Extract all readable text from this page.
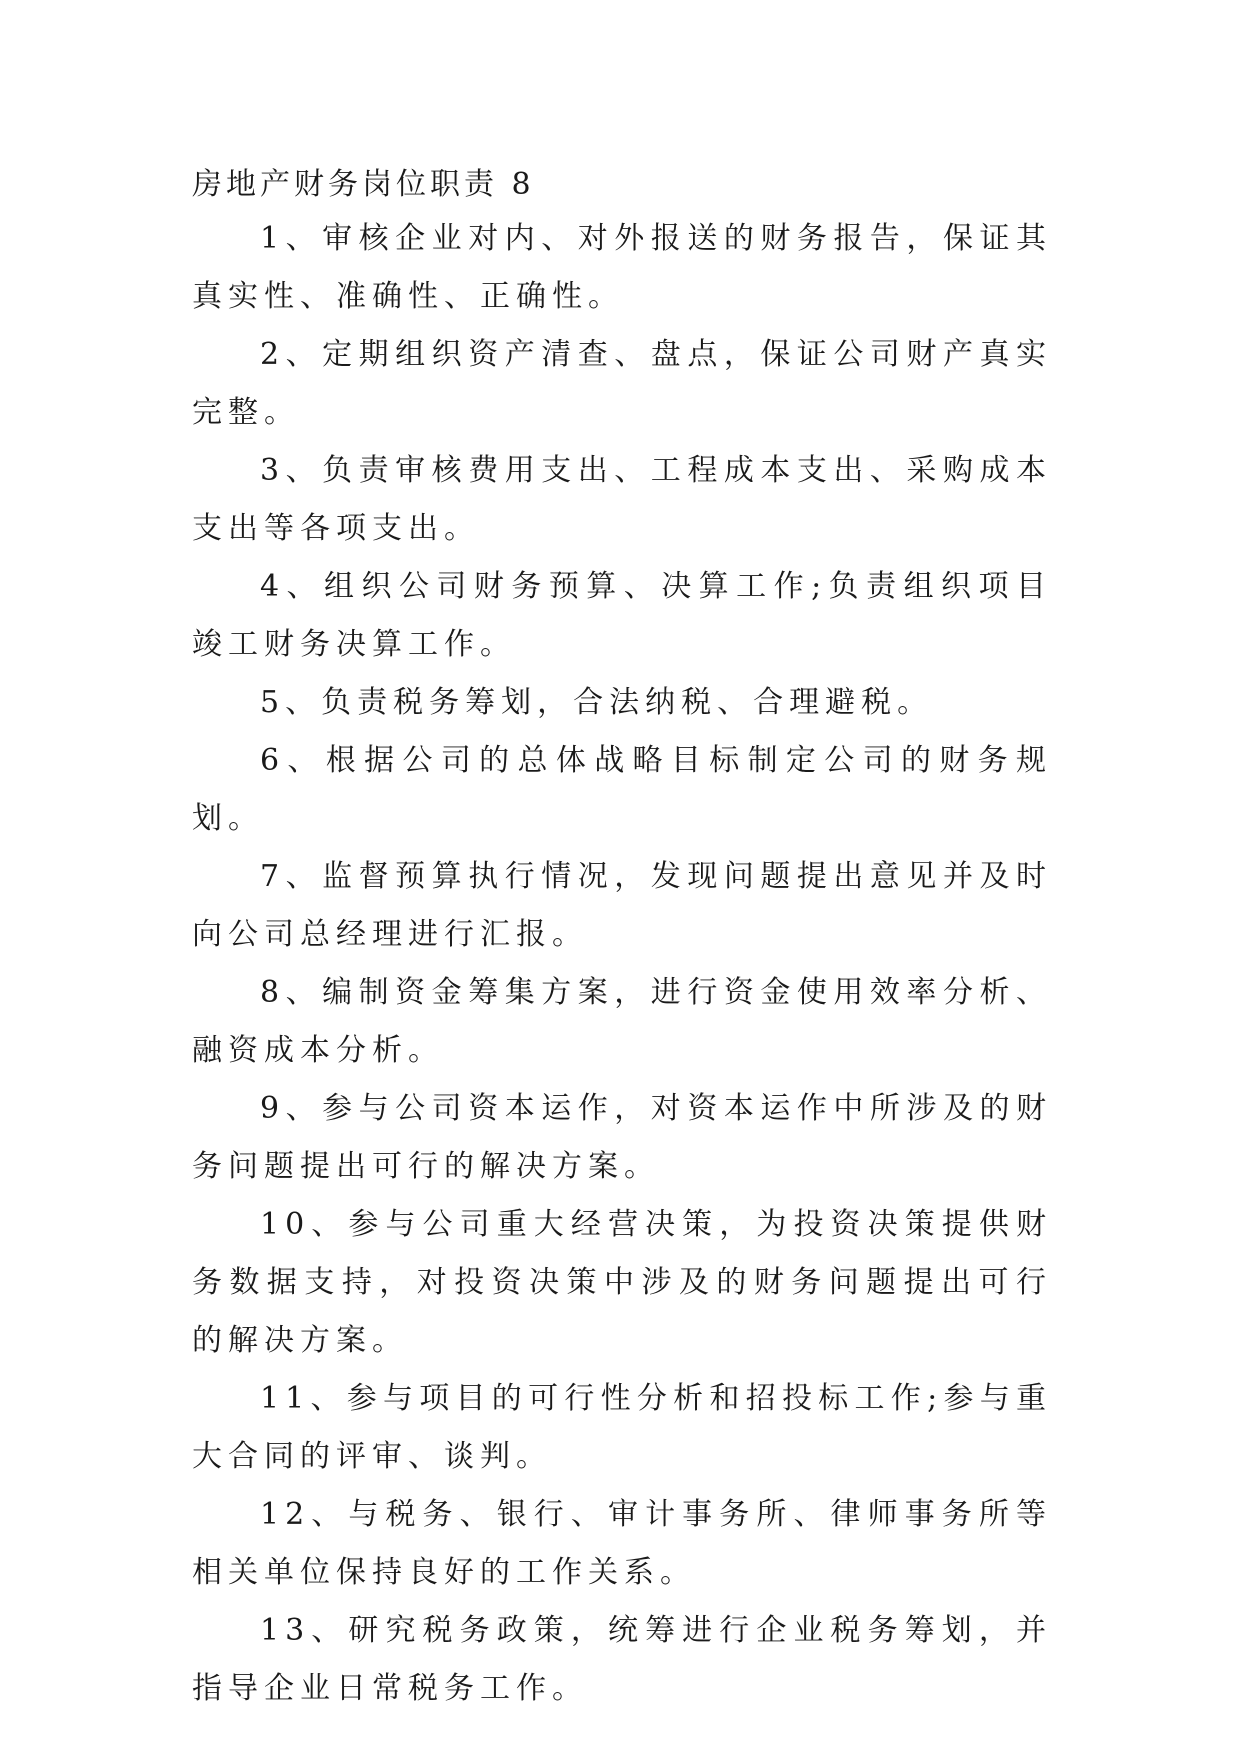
房地产财务岗位职责 8

1、审核企业对内、对外报送的财务报告，保证其真实性、准确性、正确性。

2、定期组织资产清查、盘点，保证公司财产真实完整。

3、负责审核费用支出、工程成本支出、采购成本支出等各项支出。

4、组织公司财务预算、决算工作;负责组织项目竣工财务决算工作。

5、负责税务筹划，合法纳税、合理避税。

6、根据公司的总体战略目标制定公司的财务规划。

7、监督预算执行情况，发现问题提出意见并及时向公司总经理进行汇报。

8、编制资金筹集方案，进行资金使用效率分析、融资成本分析。

9、参与公司资本运作，对资本运作中所涉及的财务问题提出可行的解决方案。

10、参与公司重大经营决策，为投资决策提供财务数据支持，对投资决策中涉及的财务问题提出可行的解决方案。

11、参与项目的可行性分析和招投标工作;参与重大合同的评审、谈判。

12、与税务、银行、审计事务所、律师事务所等相关单位保持良好的工作关系。

13、研究税务政策，统筹进行企业税务筹划，并指导企业日常税务工作。
